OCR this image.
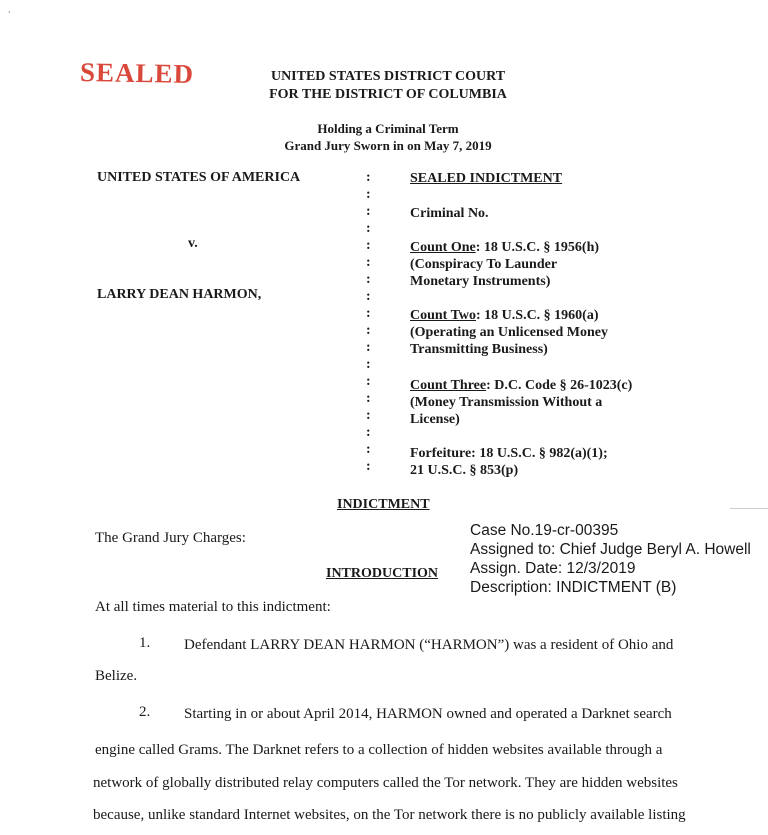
,
SEALED	UNITED STATES DISTRICT COURT
FOR THE DISTRICT OF COLUMBIA
Holding a Criminal Term
Grand Jury Sworn in on May 7, 2019
UNITED STATES OF AMERICA
v.
LARRY DEAN HARMON,
:
:
:
:
:
:
:
:
:
:
:
:
:
:
:
:
:
:
SEALED INDICTMENT
Criminal No.
Count One: 18 U.S.C. § 1956(h)
(Conspiracy To Launder
Monetary Instruments)
Count Two: 18 U.S.C. § 1960(a)
(Operating an Unlicensed Money
Transmitting Business)
Count Three: D.C. Code § 26-1023(c)
(Money Transmission Without a
License)
Forfeiture: 18 U.S.C. § 982(a)(1);
21 U.S.C. § 853(p)
INDICTMENT
The Grand Jury Charges:
INTRODUCTION
Case No.19-cr-00395
Assigned to: Chief Judge Beryl A. Howell
Assign. Date: 12/3/2019
Description: INDICTMENT (B)
At all times material to this indictment:
1. Defendant LARRY DEAN HARMON (“HARMON”) was a resident of Ohio and
Belize.
2. Starting in or about April 2014, HARMON owned and operated a Darknet search
engine called Grams. The Darknet refers to a collection of hidden websites available through a
network of globally distributed relay computers called the Tor network. They are hidden websites
because, unlike standard Internet websites, on the Tor network there is no publicly available listing
